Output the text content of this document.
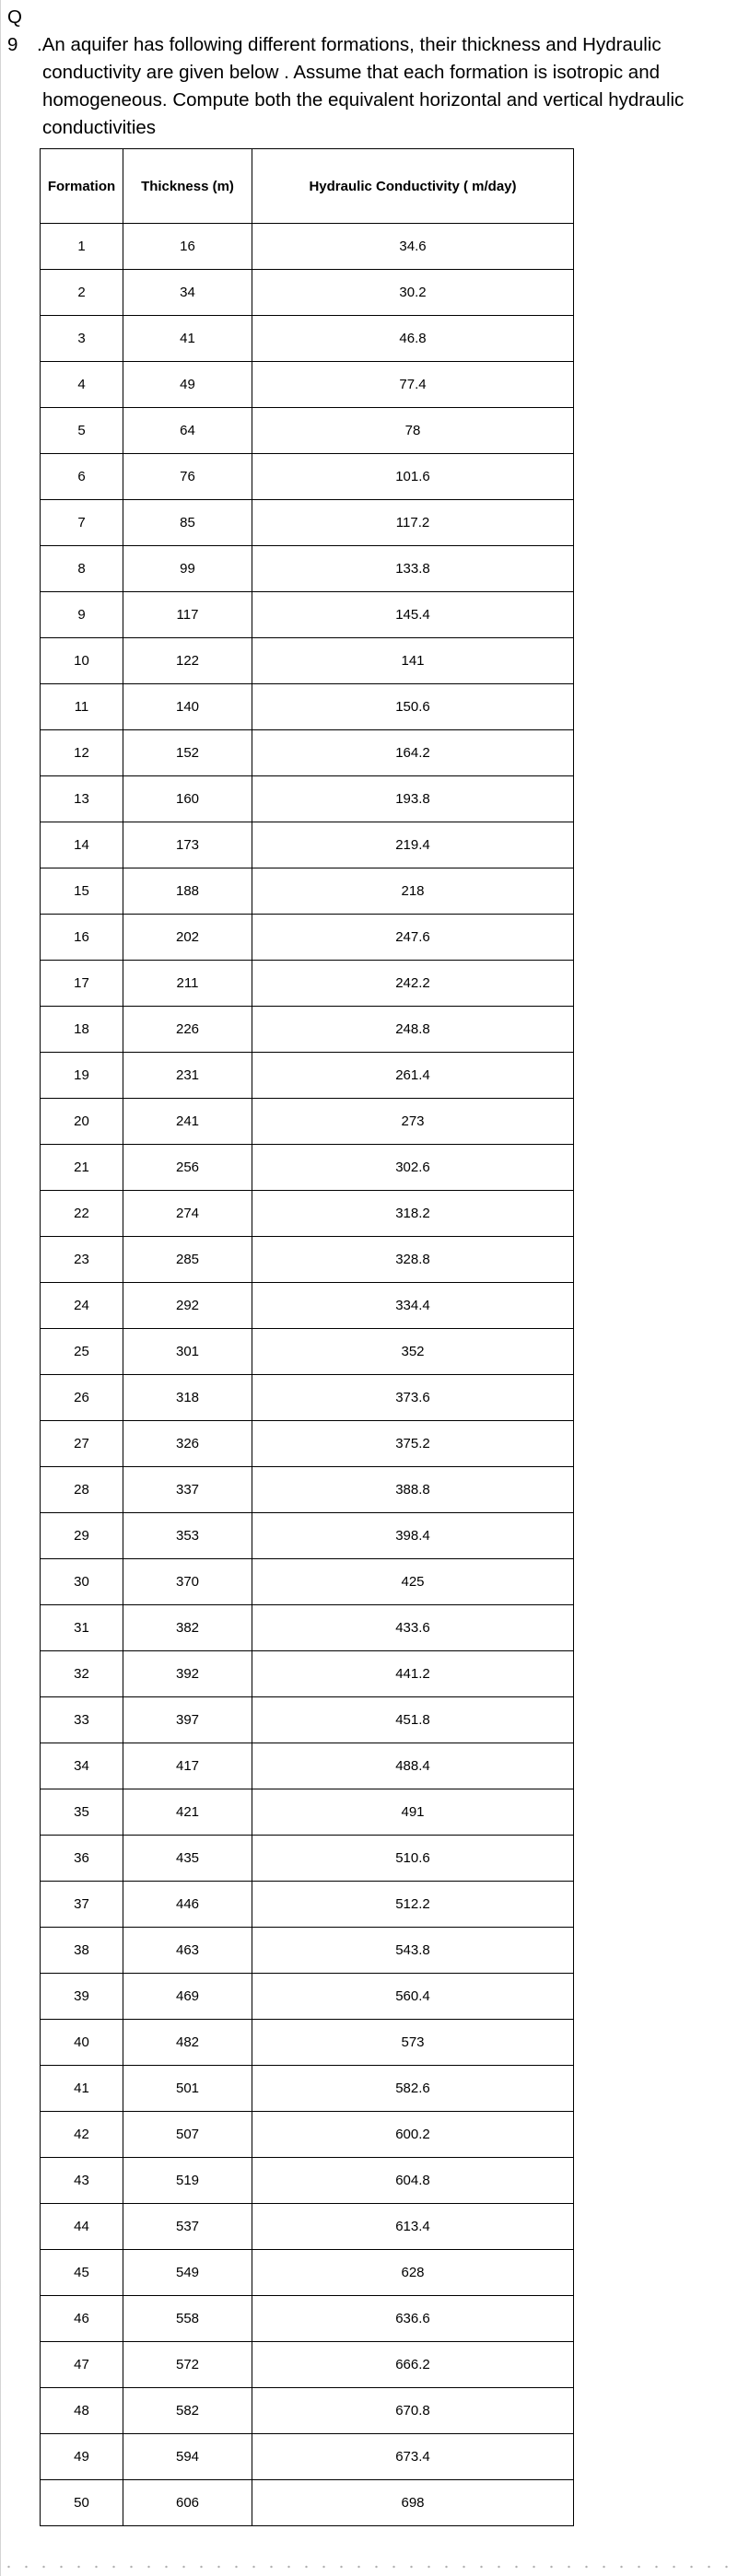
Q 9 .An aquifer has following different formations, their thickness and Hydraulic
conductivity are given below . Assume that each formation is isotropic and
homogeneous. Compute both the equivalent horizontal and vertical hydraulic
conductivities
Formation	Thickness (m)	Hydraulic Conductivity ( m/day)
1	16	34.6
2	34	30.2
3	41	46.8
4	49	77.4
5	64	78
6	76	101.6
7	85	117.2
8	99	133.8
9	117	145.4
10	122	141
11	140	150.6
12	152	164.2
13	160	193.8
14	173	219.4
15	188	218
16	202	247.6
17	211	242.2
18	226	248.8
19	231	261.4
20	241	273
21	256	302.6
22	274	318.2
23	285	328.8
24	292	334.4
25	301	352
26	318	373.6
27	326	375.2
28	337	388.8
29	353	398.4
30	370	425
31	382	433.6
32	392	441.2
33	397	451.8
34	417	488.4
35	421	491
36	435	510.6
37	446	512.2
38	463	543.8
39	469	560.4
40	482	573
41	501	582.6
42	507	600.2
43	519	604.8
44	537	613.4
45	549	628
46	558	636.6
47	572	666.2
48	582	670.8
49	594	673.4
50	606	698
